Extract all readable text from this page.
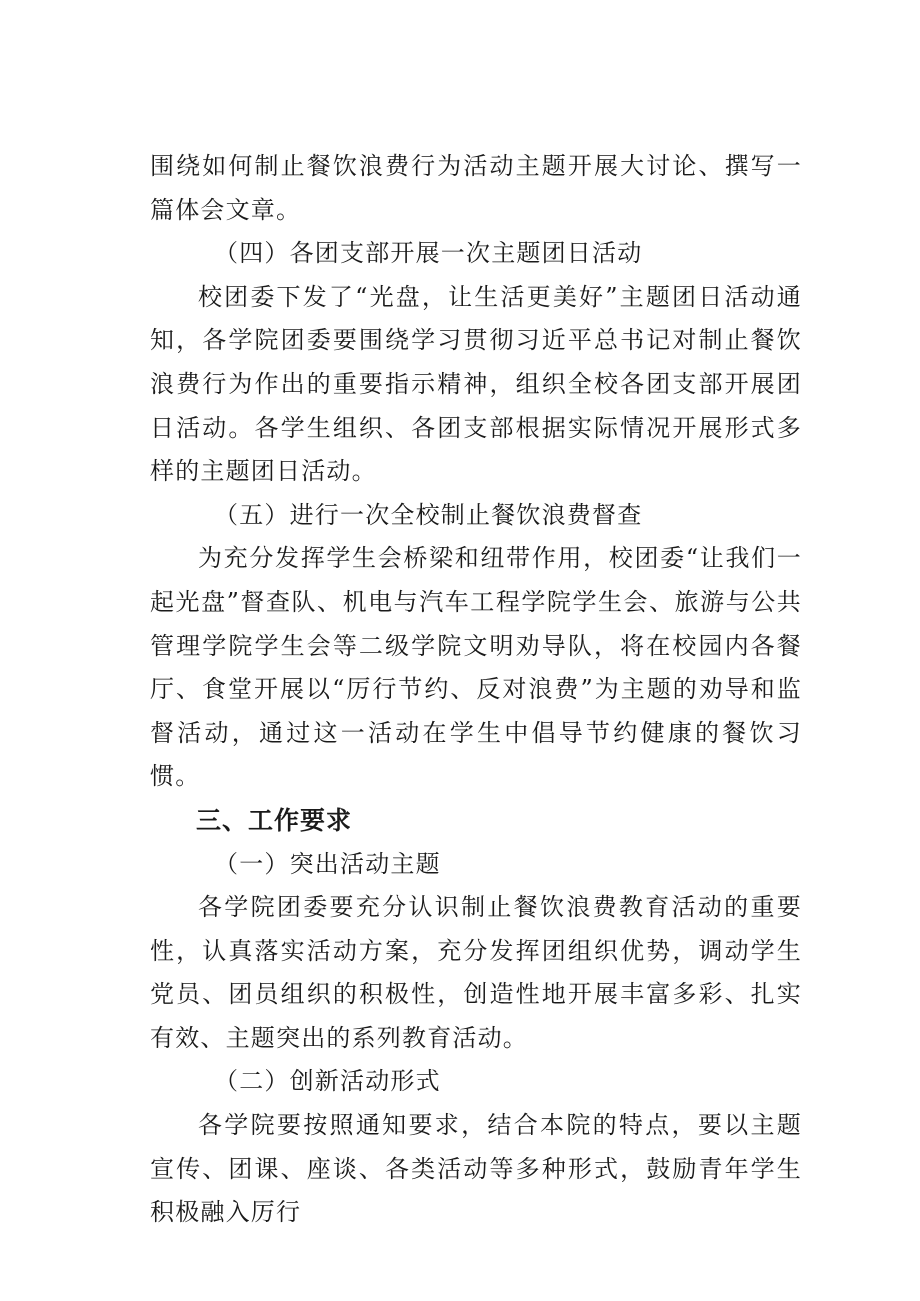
围绕如何制止餐饮浪费行为活动主题开展大讨论、撰写一篇体会文章。

（四）各团支部开展一次主题团日活动

校团委下发了“光盘，让生活更美好”主题团日活动通知，各学院团委要围绕学习贯彻习近平总书记对制止餐饮浪费行为作出的重要指示精神，组织全校各团支部开展团日活动。各学生组织、各团支部根据实际情况开展形式多样的主题团日活动。

（五）进行一次全校制止餐饮浪费督查

为充分发挥学生会桥梁和纽带作用，校团委“让我们一起光盘”督查队、机电与汽车工程学院学生会、旅游与公共管理学院学生会等二级学院文明劝导队，将在校园内各餐厅、食堂开展以“厉行节约、反对浪费”为主题的劝导和监督活动，通过这一活动在学生中倡导节约健康的餐饮习惯。

三、工作要求

（一）突出活动主题

各学院团委要充分认识制止餐饮浪费教育活动的重要性，认真落实活动方案，充分发挥团组织优势，调动学生党员、团员组织的积极性，创造性地开展丰富多彩、扎实有效、主题突出的系列教育活动。

（二）创新活动形式

各学院要按照通知要求，结合本院的特点，要以主题宣传、团课、座谈、各类活动等多种形式，鼓励青年学生积极融入厉行
